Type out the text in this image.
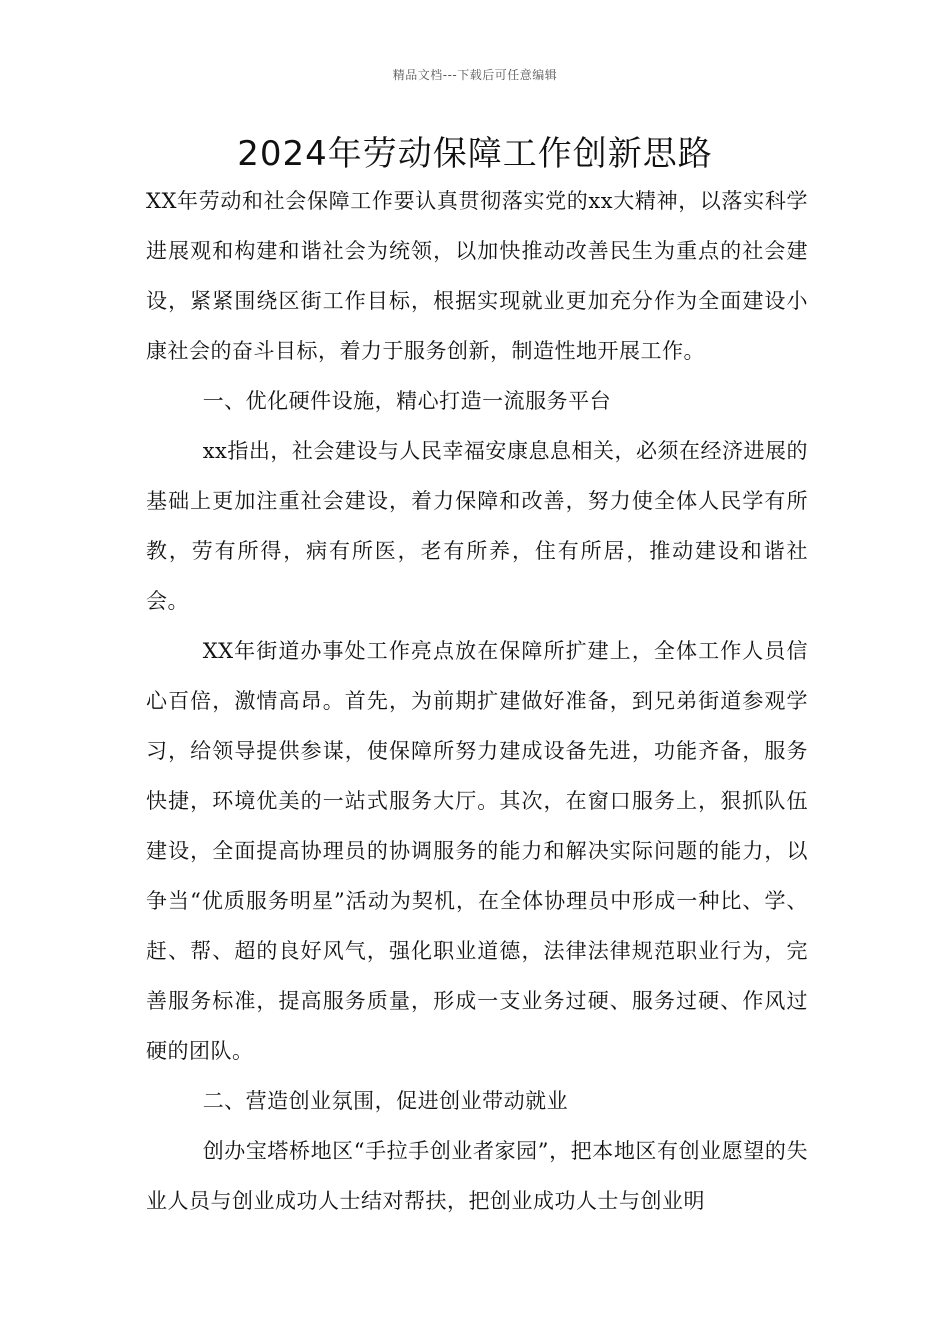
精品文档---下载后可任意编辑
2024年劳动保障工作创新思路

XX年劳动和社会保障工作要认真贯彻落实党的xx大精神，以落实科学进展观和构建和谐社会为统领，以加快推动改善民生为重点的社会建设，紧紧围绕区街工作目标，根据实现就业更加充分作为全面建设小康社会的奋斗目标，着力于服务创新，制造性地开展工作。

一、优化硬件设施，精心打造一流服务平台

xx指出，社会建设与人民幸福安康息息相关，必须在经济进展的基础上更加注重社会建设，着力保障和改善，努力使全体人民学有所教，劳有所得，病有所医，老有所养，住有所居，推动建设和谐社会。

XX年街道办事处工作亮点放在保障所扩建上，全体工作人员信心百倍，激情高昂。首先，为前期扩建做好准备，到兄弟街道参观学习，给领导提供参谋，使保障所努力建成设备先进，功能齐备，服务快捷，环境优美的一站式服务大厅。其次，在窗口服务上，狠抓队伍建设，全面提高协理员的协调服务的能力和解决实际问题的能力，以争当“优质服务明星”活动为契机，在全体协理员中形成一种比、学、赶、帮、超的良好风气，强化职业道德，法律法律规范职业行为，完善服务标准，提高服务质量，形成一支业务过硬、服务过硬、作风过硬的团队。

二、营造创业氛围，促进创业带动就业

创办宝塔桥地区“手拉手创业者家园”，把本地区有创业愿望的失业人员与创业成功人士结对帮扶，把创业成功人士与创业明
